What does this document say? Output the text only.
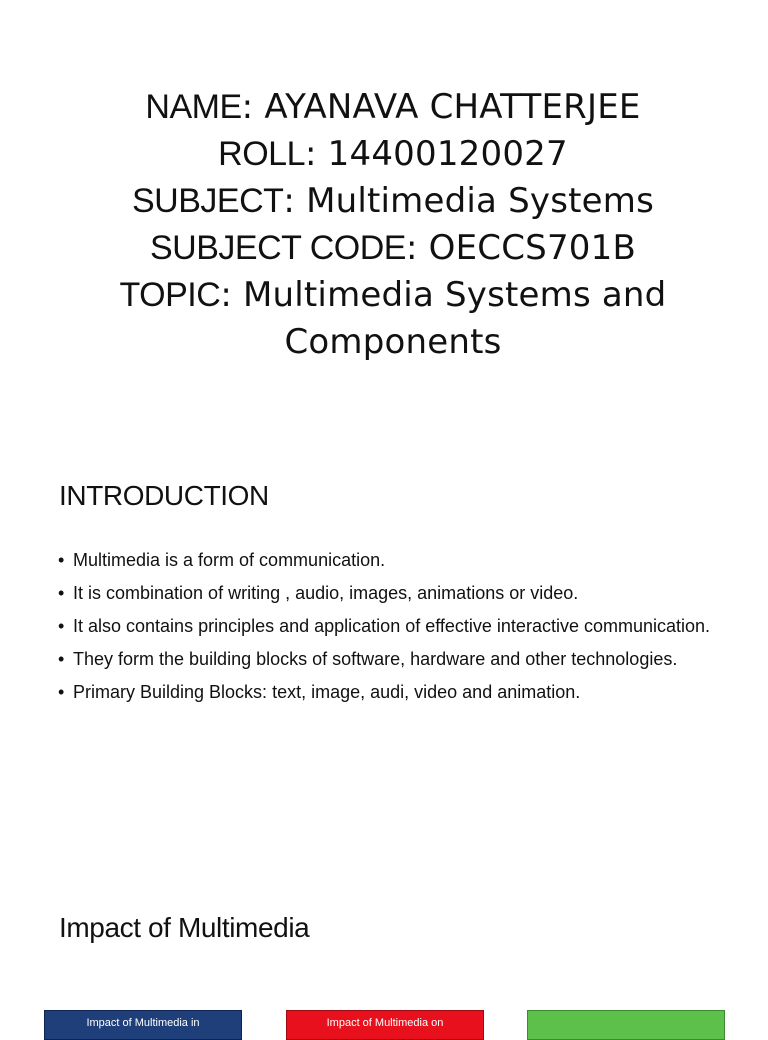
NAME: AYANAVA CHATTERJEE
ROLL: 14400120027
SUBJECT: Multimedia Systems
SUBJECT CODE: OECCS701B
TOPIC: Multimedia Systems and
Components
INTRODUCTION
• Multimedia is a form of communication.
• It is combination of writing , audio, images, animations or video.
• It also contains principles and application of effective interactive communication.
• They form the building blocks of software, hardware and other technologies.
• Primary Building Blocks: text, image, audi, video and animation.
Impact of Multimedia
Impact of Multimedia in	Impact of Multimedia on
